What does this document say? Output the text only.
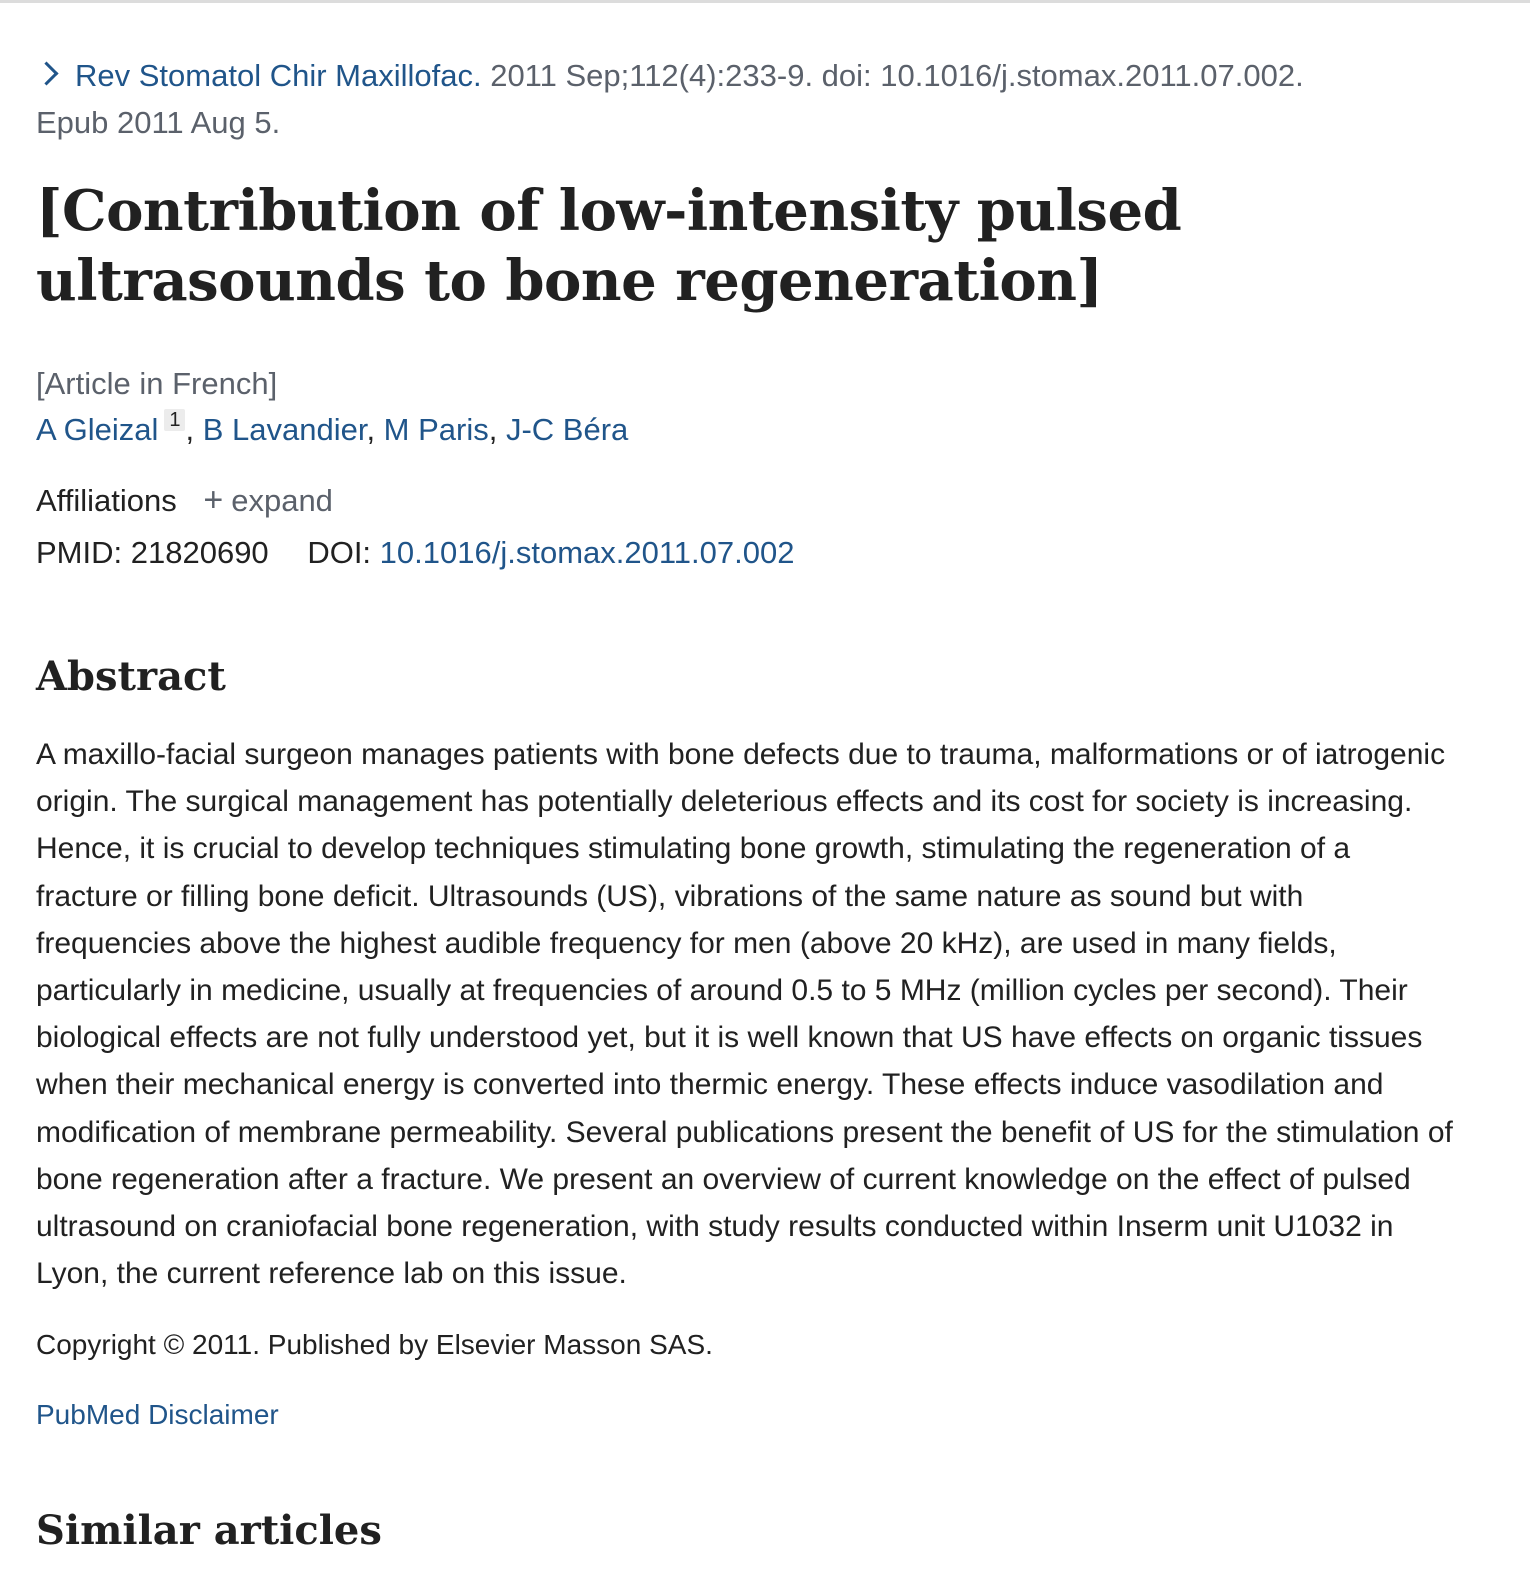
Rev Stomatol Chir Maxillofac. 2011 Sep;112(4):233-9. doi: 10.1016/j.stomax.2011.07.002.
Epub 2011 Aug 5.

[Contribution of low-intensity pulsed ultrasounds to bone regeneration]
[Article in French]
A Gleizal 1 , B Lavandier, M Paris, J-C Béra
Affiliations + expand
PMID: 21820690 DOI: 10.1016/j.stomax.2011.07.002
Abstract
A maxillo-facial surgeon manages patients with bone defects due to trauma, malformations or of iatrogenic origin. The surgical management has potentially deleterious effects and its cost for society is increasing. Hence, it is crucial to develop techniques stimulating bone growth, stimulating the regeneration of a fracture or filling bone deficit. Ultrasounds (US), vibrations of the same nature as sound but with frequencies above the highest audible frequency for men (above 20 kHz), are used in many fields, particularly in medicine, usually at frequencies of around 0.5 to 5 MHz (million cycles per second). Their biological effects are not fully understood yet, but it is well known that US have effects on organic tissues when their mechanical energy is converted into thermic energy. These effects induce vasodilation and modification of membrane permeability. Several publications present the benefit of US for the stimulation of bone regeneration after a fracture. We present an overview of current knowledge on the effect of pulsed ultrasound on craniofacial bone regeneration, with study results conducted within Inserm unit U1032 in Lyon, the current reference lab on this issue.
Copyright © 2011. Published by Elsevier Masson SAS.
PubMed Disclaimer
Similar articles
